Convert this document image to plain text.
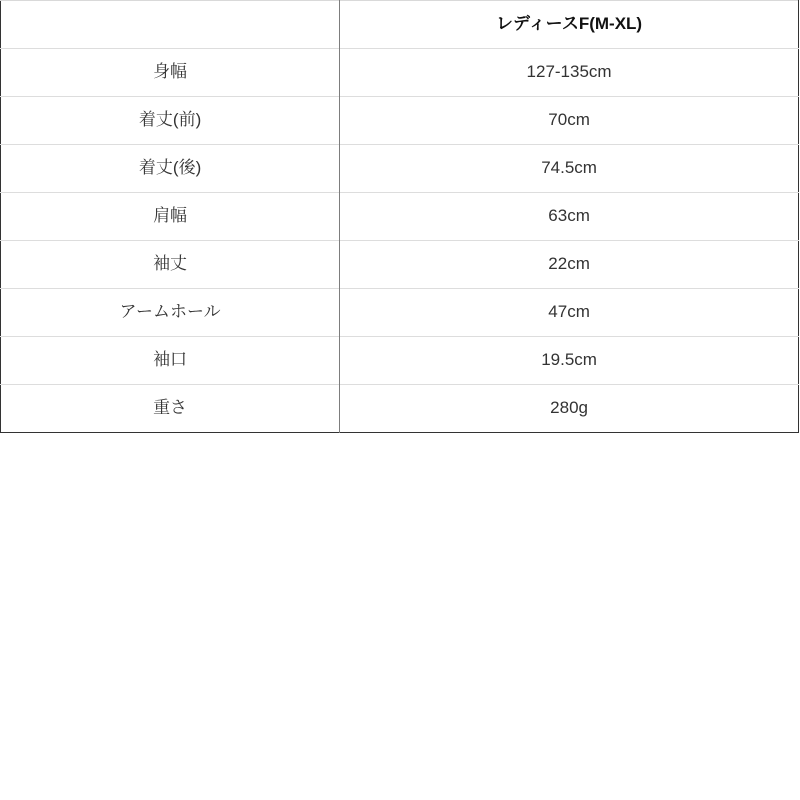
	レディースF(M-XL)
身幅	127-135cm
着丈(前)	70cm
着丈(後)	74.5cm
肩幅	63cm
袖丈	22cm
アームホール	47cm
袖口	19.5cm
重さ	280g
